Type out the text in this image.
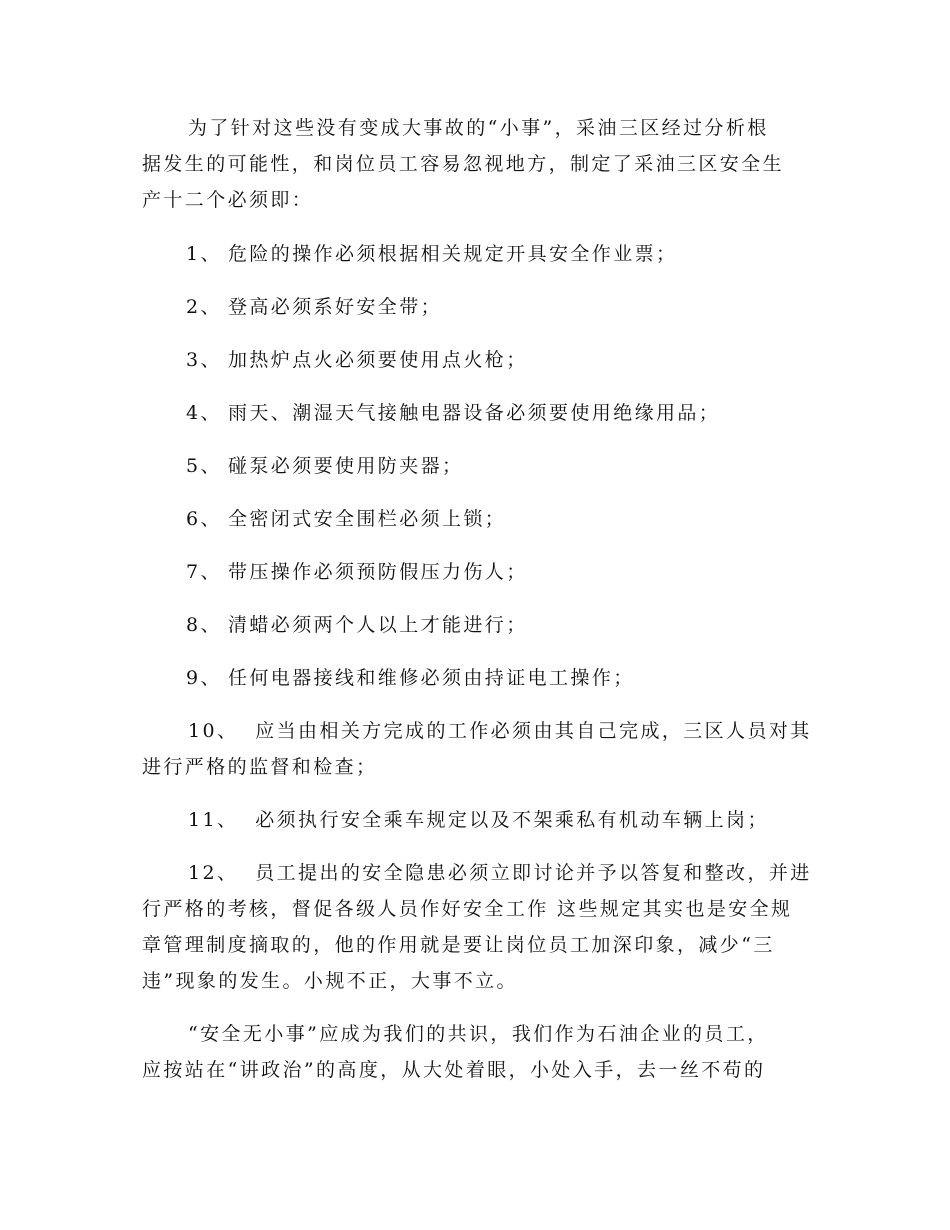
为了针对这些没有变成大事故的“小事”，采油三区经过分析根
据发生的可能性，和岗位员工容易忽视地方，制定了采油三区安全生
产十二个必须即：
1、 危险的操作必须根据相关规定开具安全作业票；
2、 登高必须系好安全带；
3、 加热炉点火必须要使用点火枪；
4、 雨天、潮湿天气接触电器设备必须要使用绝缘用品；
5、 碰泵必须要使用防夹器；
6、 全密闭式安全围栏必须上锁；
7、 带压操作必须预防假压力伤人；
8、 清蜡必须两个人以上才能进行；
9、 任何电器接线和维修必须由持证电工操作；
10、  应当由相关方完成的工作必须由其自己完成，三区人员对其
进行严格的监督和检查；
11、  必须执行安全乘车规定以及不架乘私有机动车辆上岗；
12、  员工提出的安全隐患必须立即讨论并予以答复和整改，并进
行严格的考核，督促各级人员作好安全工作 这些规定其实也是安全规
章管理制度摘取的，他的作用就是要让岗位员工加深印象，减少“三
违”现象的发生。小规不正，大事不立。
“安全无小事”应成为我们的共识，我们作为石油企业的员工，
应按站在“讲政治”的高度，从大处着眼，小处入手，去一丝不苟的
